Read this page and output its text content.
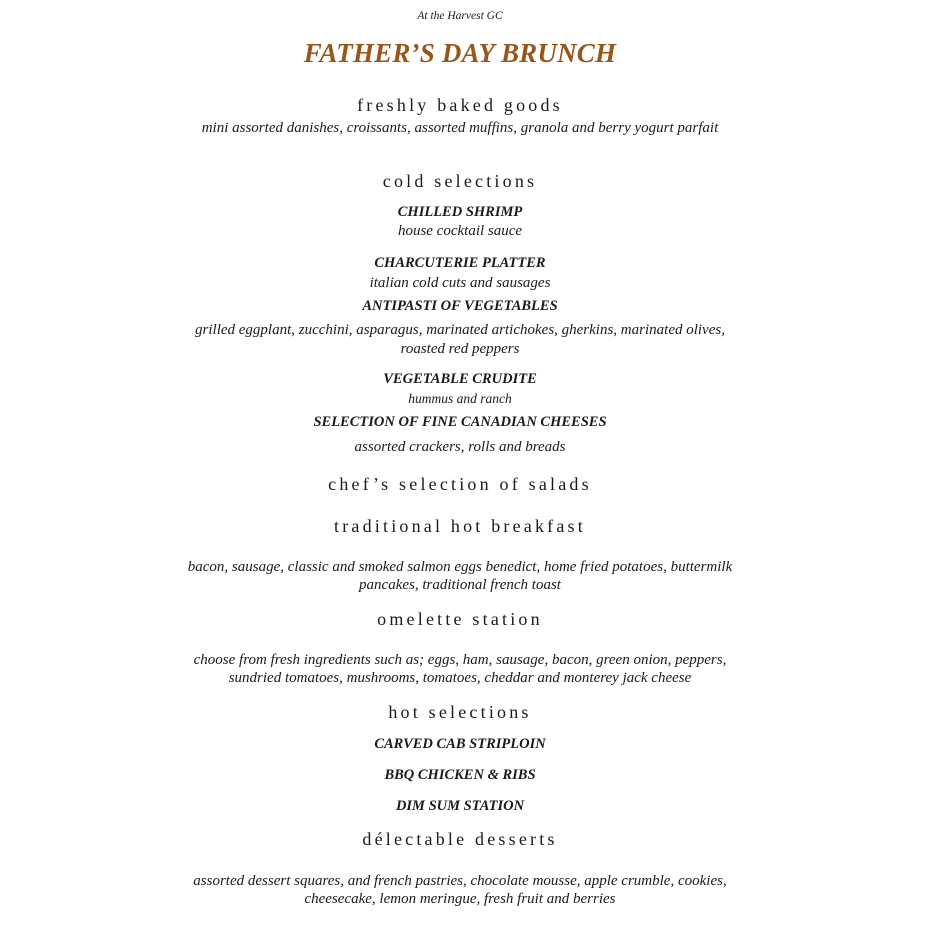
At the Harvest GC
FATHER’S DAY BRUNCH
freshly baked goods
mini assorted danishes, croissants, assorted muffins, granola and berry yogurt parfait
cold selections
CHILLED SHRIMP
house cocktail sauce
CHARCUTERIE PLATTER
italian cold cuts and sausages
ANTIPASTI OF VEGETABLES
grilled eggplant, zucchini, asparagus, marinated artichokes, gherkins, marinated olives,
roasted red peppers
VEGETABLE CRUDITE
hummus and ranch
SELECTION OF FINE CANADIAN CHEESES
assorted crackers, rolls and breads
chef’s selection of salads
traditional hot breakfast
bacon, sausage, classic and smoked salmon eggs benedict, home fried potatoes, buttermilk
pancakes, traditional french toast
omelette station
choose from fresh ingredients such as; eggs, ham, sausage, bacon, green onion, peppers,
sundried tomatoes, mushrooms, tomatoes, cheddar and monterey jack cheese
hot selections
CARVED CAB STRIPLOIN
BBQ CHICKEN & RIBS
DIM SUM STATION
délectable desserts
assorted dessert squares, and french pastries, chocolate mousse, apple crumble, cookies,
cheesecake, lemon meringue, fresh fruit and berries
